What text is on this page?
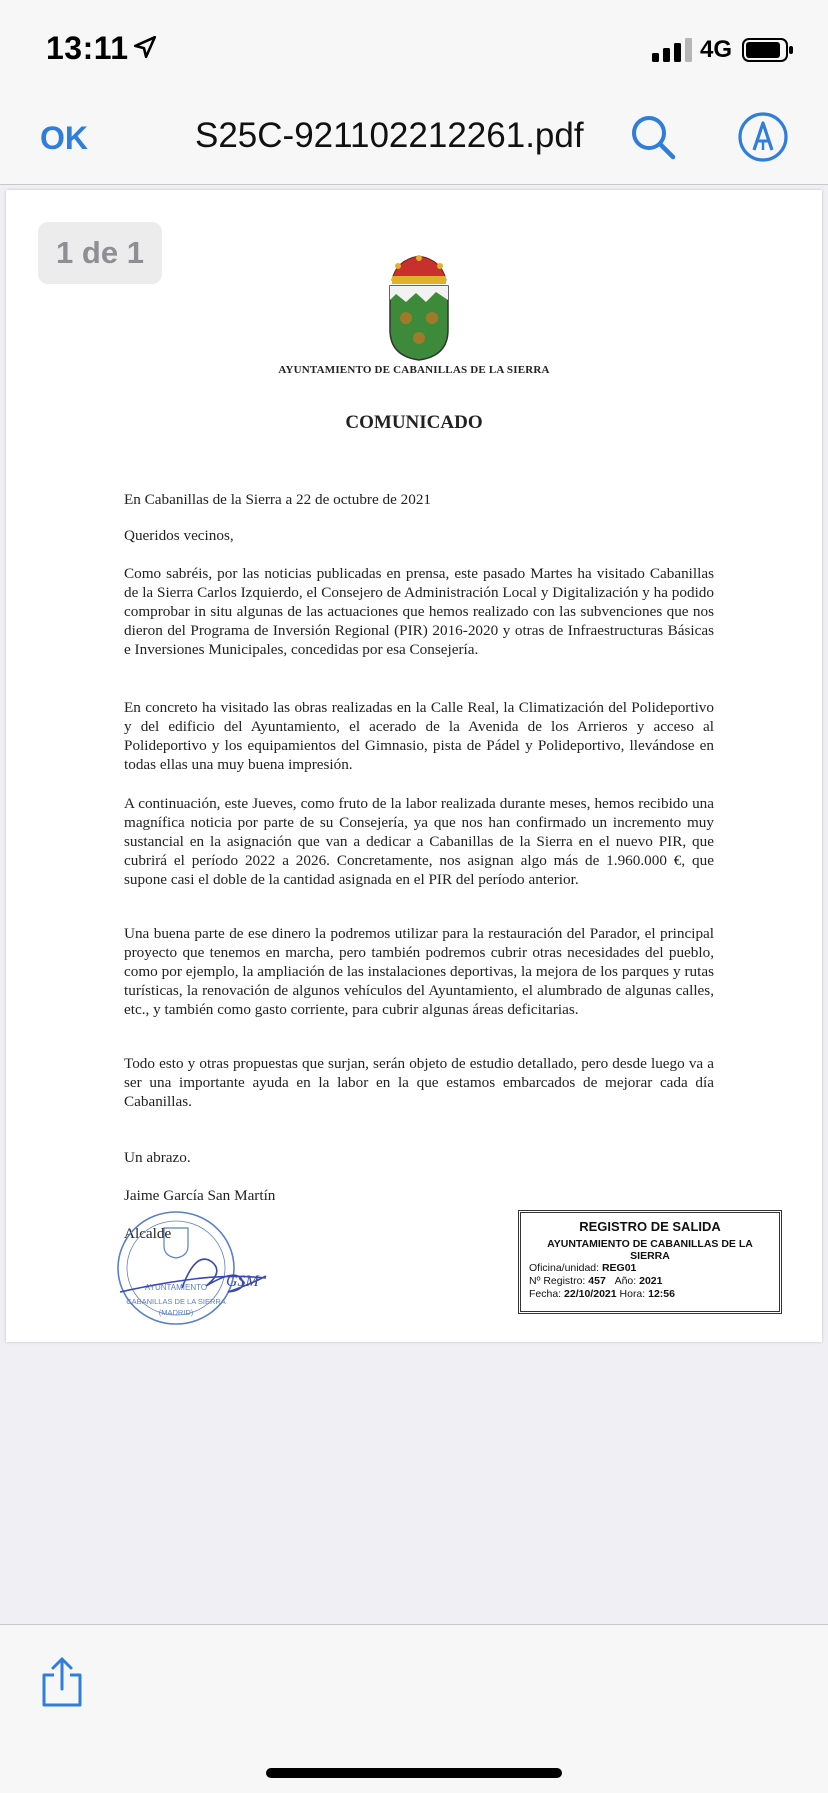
13:11	4G
OK	S25C-921102212261.pdf
1 de 1
AYUNTAMIENTO DE CABANILLAS DE LA SIERRA
COMUNICADO

En Cabanillas de la Sierra a 22 de octubre de 2021

Queridos vecinos,

Como sabréis, por las noticias publicadas en prensa, este pasado Martes ha visitado Cabanillas de la Sierra Carlos Izquierdo, el Consejero de Administración Local y Digitalización y ha podido comprobar in situ algunas de las actuaciones que hemos realizado con las subvenciones que nos dieron del Programa de Inversión Regional (PIR) 2016-2020 y otras de Infraestructuras Básicas e Inversiones Municipales, concedidas por esa Consejería.

En concreto ha visitado las obras realizadas en la Calle Real, la Climatización del Polideportivo y del edificio del Ayuntamiento, el acerado de la Avenida de los Arrieros y acceso al Polideportivo y los equipamientos del Gimnasio, pista de Pádel y Polideportivo, llevándose en todas ellas una muy buena impresión.

A continuación, este Jueves, como fruto de la labor realizada durante meses, hemos recibido una magnífica noticia por parte de su Consejería, ya que nos han confirmado un incremento muy sustancial en la asignación que van a dedicar a Cabanillas de la Sierra en el nuevo PIR, que cubrirá el período 2022 a 2026. Concretamente, nos asignan algo más de 1.960.000 €, que supone casi el doble de la cantidad asignada en el PIR del período anterior.

Una buena parte de ese dinero la podremos utilizar para la restauración del Parador, el principal proyecto que tenemos en marcha, pero también podremos cubrir otras necesidades del pueblo, como por ejemplo, la ampliación de las instalaciones deportivas, la mejora de los parques y rutas turísticas, la renovación de algunos vehículos del Ayuntamiento, el alumbrado de algunas calles, etc., y también como gasto corriente, para cubrir algunas áreas deficitarias.

Todo esto y otras propuestas que surjan, serán objeto de estudio detallado, pero desde luego va a ser una importante ayuda en la labor en la que estamos embarcados de mejorar cada día Cabanillas.

Un abrazo.

Jaime García San Martín

Alcalde

AYUNTAMIENTO
CABANILLAS DE LA SIERRA
(MADRID)
GSM
REGISTRO DE SALIDA
AYUNTAMIENTO DE CABANILLAS DE LA SIERRA
Oficina/unidad: REG01
Nº Registro: 457 Año: 2021
Fecha: 22/10/2021 Hora: 12:56
